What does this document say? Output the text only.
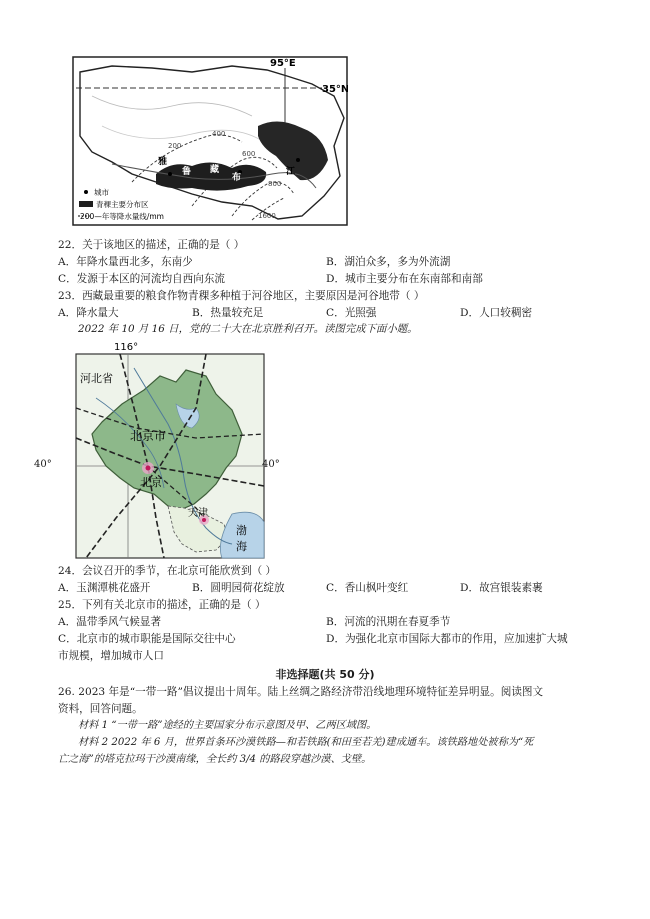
95°E
35°N
200
400
600
800
1600
雅
鲁 藏
布
江
城市
青稞主要分布区
200—年等降水量线/mm
22．关于该地区的描述，正确的是（ ）
A．年降水量西北多，东南少	B．湖泊众多，多为外流湖
C．发源于本区的河流均自西向东流	D．城市主要分布在东南部和南部
23．西藏最重要的粮食作物青稞多种植于河谷地区，主要原因是河谷地带（ ）
A．降水量大	B．热量较充足	C．光照强	D．人口较稠密
2022 年 10 月 16 日，党的二十大在北京胜利召开。读图完成下面小题。
116°
河北省
北京市
北京
天津
渤
海
40°	40°
24．会议召开的季节，在北京可能欣赏到（ ）
A．玉渊潭桃花盛开	B．圆明园荷花绽放	C．香山枫叶变红	D．故宫银装素裹
25．下列有关北京市的描述，正确的是（ ）
A．温带季风气候显著	B．河流的汛期在春夏季节
C．北京市的城市职能是国际交往中心	D．为强化北京市国际大都市的作用，应加速扩大城
市规模，增加城市人口
非选择题(共 50 分)
26. 2023 年是“一带一路”倡议提出十周年。陆上丝绸之路经济带沿线地理环境特征差异明显。阅读图文
资料，回答问题。
材料 1 “一带一路”途经的主要国家分布示意图及甲、乙两区域图。
材料 2 2022 年 6 月，世界首条环沙漠铁路—和若铁路(和田至若羌)建成通车。该铁路地处被称为“死
亡之海”的塔克拉玛干沙漠南缘，全长约 3/4 的路段穿越沙漠、戈壁。
